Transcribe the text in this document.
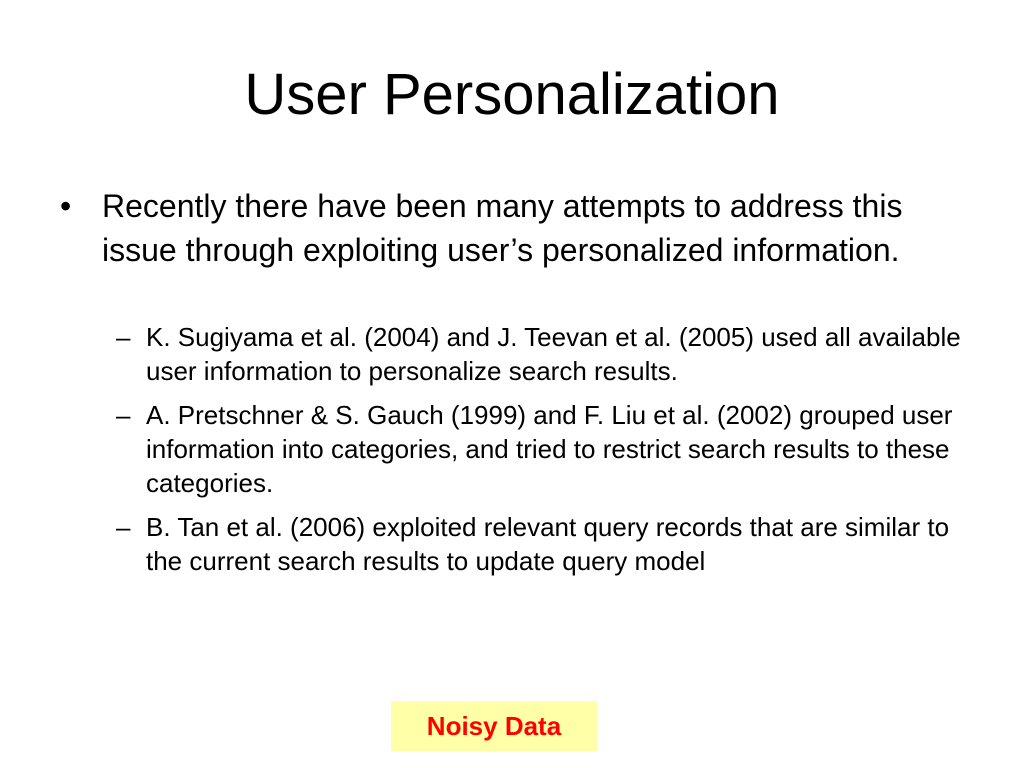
User Personalization
• Recently there have been many attempts to address this issue through exploiting user’s personalized information.
– K. Sugiyama et al. (2004) and J. Teevan et al. (2005) used all available user information to personalize search results.
– A. Pretschner & S. Gauch (1999) and F. Liu et al. (2002) grouped user information into categories, and tried to restrict search results to these categories.
– B. Tan et al. (2006) exploited relevant query records that are similar to the current search results to update query model
Noisy Data
